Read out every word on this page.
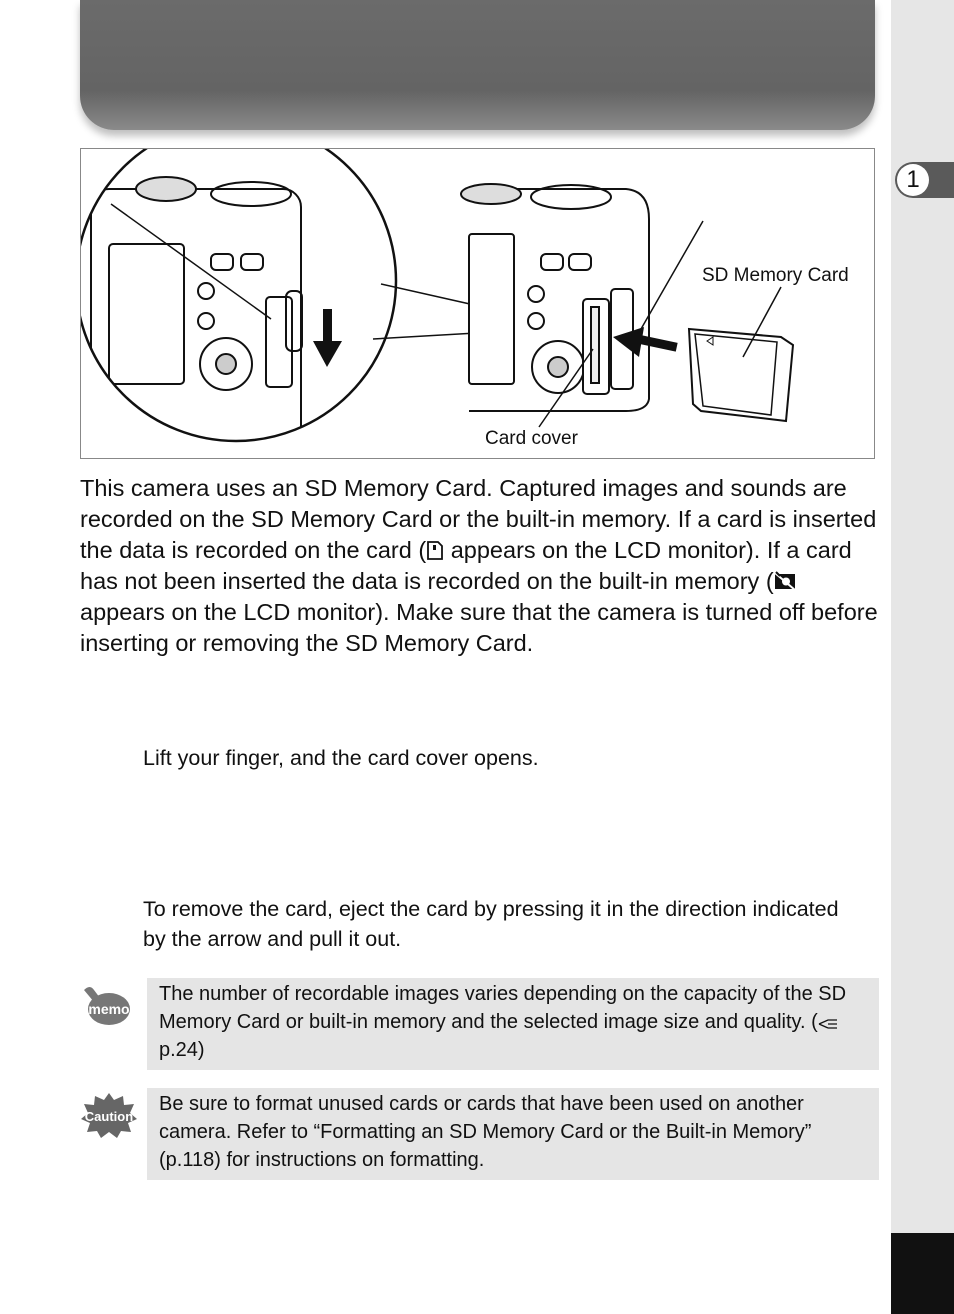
1
SD Memory Card
Card cover

This camera uses an SD Memory Card. Captured images and sounds are recorded on the SD Memory Card or the built-in memory. If a card is inserted the data is recorded on the card ( appears on the LCD monitor). If a card has not been inserted the data is recorded on the built-in memory ( appears on the LCD monitor). Make sure that the camera is turned off before inserting or removing the SD Memory Card.

Lift your finger, and the card cover opens.

To remove the card, eject the card by pressing it in the direction indicated by the arrow and pull it out.

memo
The number of recordable images varies depending on the capacity of the SD Memory Card or built-in memory and the selected image size and quality. (p.24)
Caution
Be sure to format unused cards or cards that have been used on another camera. Refer to “Formatting an SD Memory Card or the Built-in Memory” (p.118) for instructions on formatting.
